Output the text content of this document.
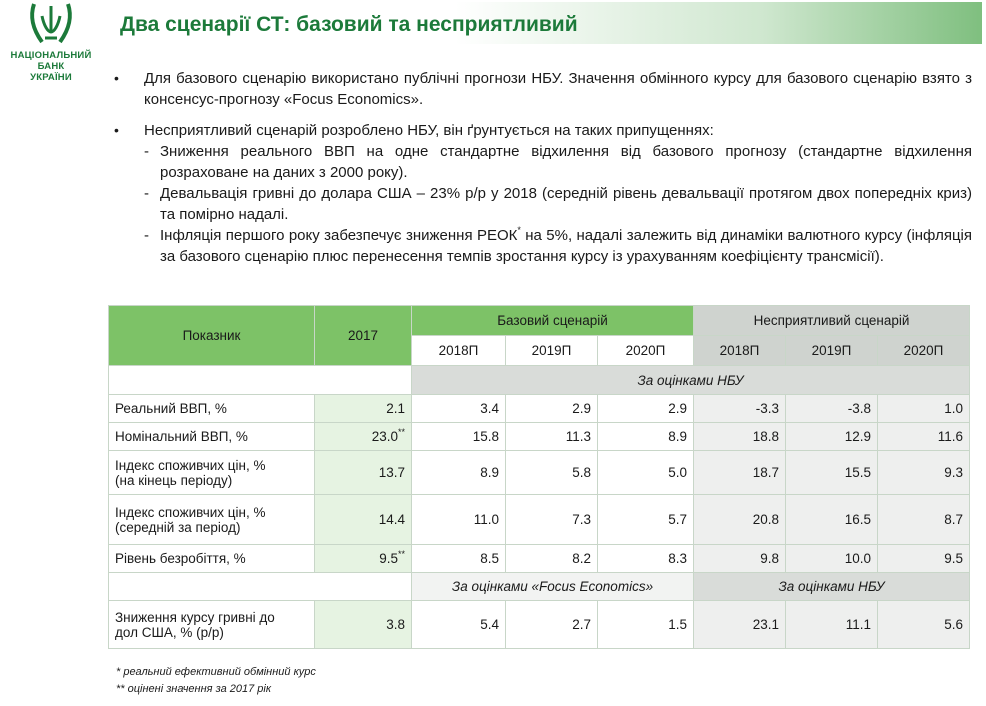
НАЦІОНАЛЬНИЙ
БАНК
УКРАЇНИ
Два сценарії СТ: базовий та несприятливий
• Для базового сценарію використано публічні прогнози НБУ. Значення обмінного курсу для базового сценарію взято з консенсус-прогнозу «Focus Economics».
• Несприятливий сценарій розроблено НБУ, він ґрунтується на таких припущеннях:
- Зниження реального ВВП на одне стандартне відхилення від базового прогнозу (стандартне відхилення розраховане на даних з 2000 року).
- Девальвація гривні до долара США – 23% р/р у 2018 (середній рівень девальвації протягом двох попередніх криз) та помірно надалі.
- Інфляція першого року забезпечує зниження РЕОК* на 5%, надалі залежить від динаміки валютного курсу (інфляція за базового сценарію плюс перенесення темпів зростання курсу із урахуванням коефіцієнту трансмісії).
Показник	2017	Базовий сценарій			Несприятливий сценарій		
		2018П	2019П	2020П	2018П	2019П	2020П
		За оцінками НБУ					
Реальний ВВП, %	2.1	3.4	2.9	2.9	-3.3	-3.8	1.0
Номінальний ВВП, %	23.0**	15.8	11.3	8.9	18.8	12.9	11.6

Індекс споживчих цін, %
(на кінець періоду)	13.7	8.9	5.8	5.0	18.7	15.5	9.3

Індекс споживчих цін, %
(середній за період)	14.4	11.0	7.3	5.7	20.8	16.5	8.7
Рівень безробіття, %	9.5**	8.5	8.2	8.3	9.8	10.0	9.5
		За оцінками «Focus Economics»			За оцінками НБУ		

Зниження курсу гривні до
дол США, % (р/р)	3.8	5.4	2.7	1.5	23.1	11.1	5.6
* реальний ефективний обмінний курс
** оцінені значення за 2017 рік
